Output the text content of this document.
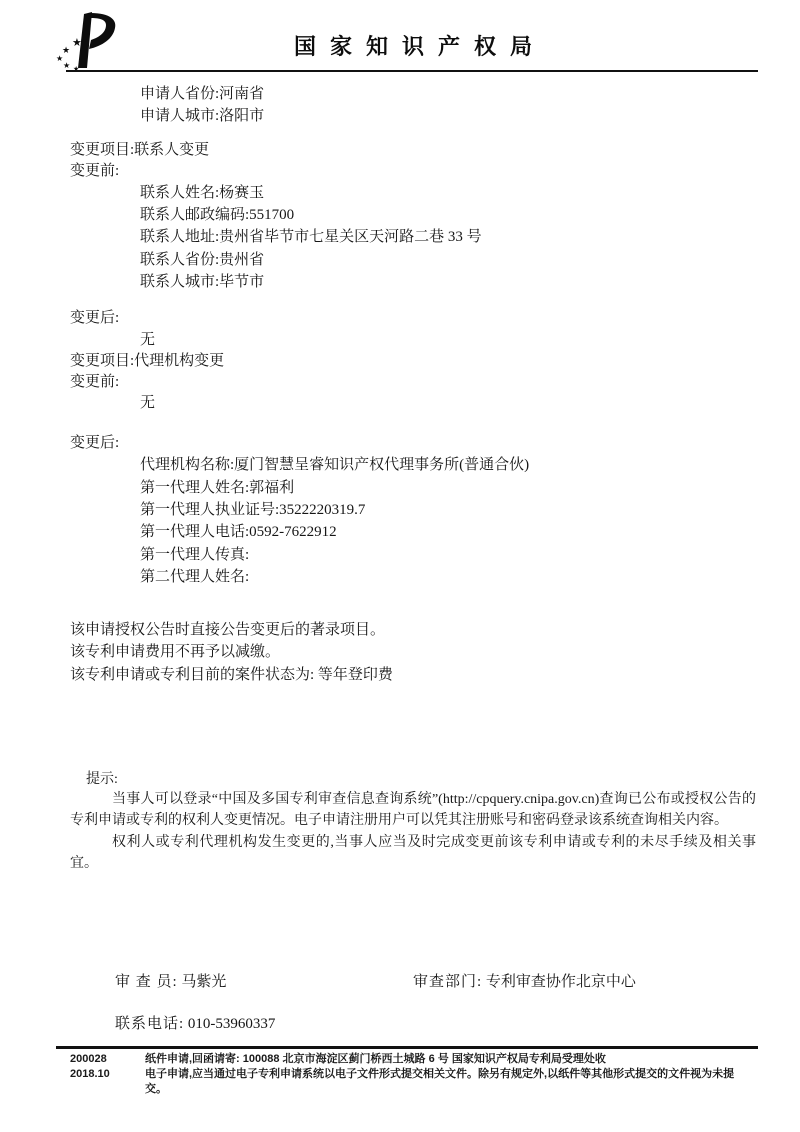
★
★
★
★ ★
国家知识产权局
申请人省份:河南省
申请人城市:洛阳市
变更项目:联系人变更
变更前:
联系人姓名:杨赛玉
联系人邮政编码:551700
联系人地址:贵州省毕节市七星关区天河路二巷 33 号
联系人省份:贵州省
联系人城市:毕节市
变更后:
无
变更项目:代理机构变更
变更前:
无
变更后:
代理机构名称:厦门智慧呈睿知识产权代理事务所(普通合伙)
第一代理人姓名:郭福利
第一代理人执业证号:3522220319.7
第一代理人电话:0592-7622912
第一代理人传真:
第二代理人姓名:
该申请授权公告时直接公告变更后的著录项目。
该专利申请费用不再予以减缴。
该专利申请或专利目前的案件状态为: 等年登印费
提示:
当事人可以登录“中国及多国专利审查信息查询系统”(http://cpquery.cnipa.gov.cn)查询已公布或授权公告的专利申请或专利的权利人变更情况。电子申请注册用户可以凭其注册账号和密码登录该系统查询相关内容。
权利人或专利代理机构发生变更的,当事人应当及时完成变更前该专利申请或专利的未尽手续及相关事宜。
审 查 员: 马紫光	审查部门: 专利审查协作北京中心
联系电话: 010-53960337
200028
2018.10
纸件申请,回函请寄: 100088 北京市海淀区蓟门桥西土城路 6 号 国家知识产权局专利局受理处收
电子申请,应当通过电子专利申请系统以电子文件形式提交相关文件。除另有规定外,以纸件等其他形式提交的文件视为未提交。
